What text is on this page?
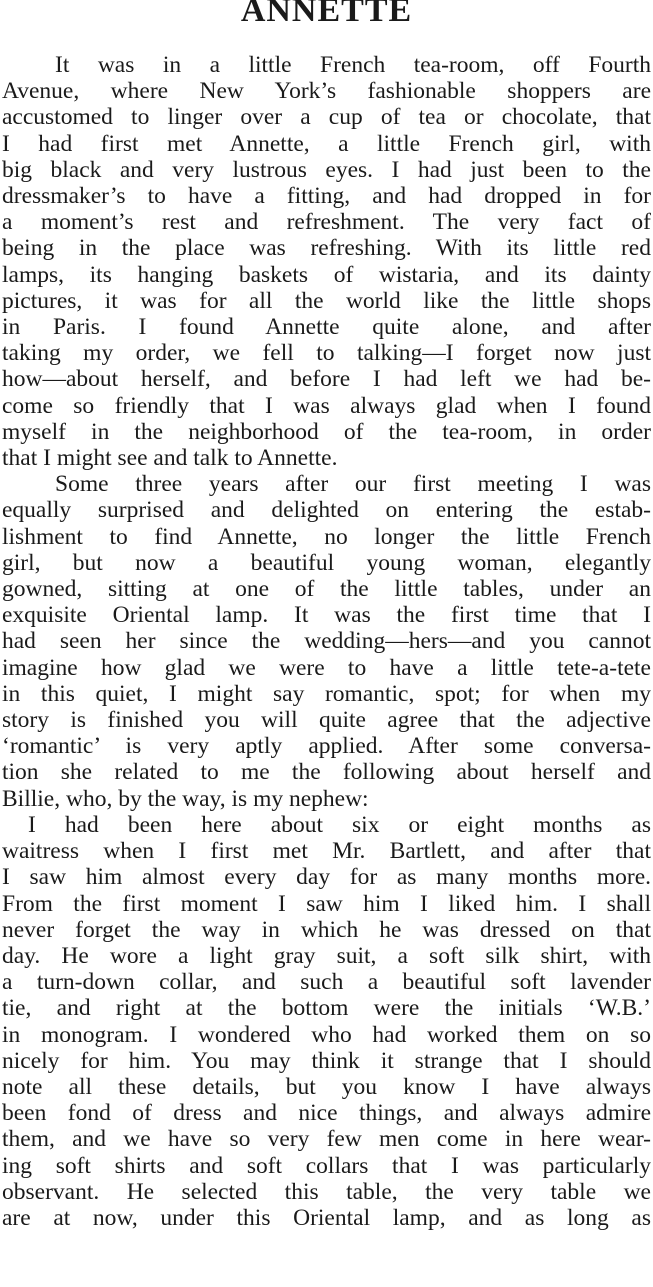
ANNETTE

It was in a little French tea-room, off Fourth
Avenue, where New York’s fashionable shoppers are
accustomed to linger over a cup of tea or chocolate, that
I had first met Annette, a little French girl, with
big black and very lustrous eyes. I had just been to the
dressmaker’s to have a fitting, and had dropped in for
a moment’s rest and refreshment. The very fact of
being in the place was refreshing. With its little red
lamps, its hanging baskets of wistaria, and its dainty
pictures, it was for all the world like the little shops
in Paris. I found Annette quite alone, and after
taking my order, we fell to talking—I forget now just
how—about herself, and before I had left we had be-
come so friendly that I was always glad when I found
myself in the neighborhood of the tea-room, in order
that I might see and talk to Annette.

Some three years after our first meeting I was
equally surprised and delighted on entering the estab-
lishment to find Annette, no longer the little French
girl, but now a beautiful young woman, elegantly
gowned, sitting at one of the little tables, under an
exquisite Oriental lamp. It was the first time that I
had seen her since the wedding—hers—and you cannot
imagine how glad we were to have a little tete-a-tete
in this quiet, I might say romantic, spot; for when my
story is finished you will quite agree that the adjective
‘romantic’ is very aptly applied. After some conversa-
tion she related to me the following about herself and
Billie, who, by the way, is my nephew:

I had been here about six or eight months as
waitress when I first met Mr. Bartlett, and after that
I saw him almost every day for as many months more.
From the first moment I saw him I liked him. I shall
never forget the way in which he was dressed on that
day. He wore a light gray suit, a soft silk shirt, with
a turn-down collar, and such a beautiful soft lavender
tie, and right at the bottom were the initials ‘W.B.’
in monogram. I wondered who had worked them on so
nicely for him. You may think it strange that I should
note all these details, but you know I have always
been fond of dress and nice things, and always admire
them, and we have so very few men come in here wear-
ing soft shirts and soft collars that I was particularly
observant. He selected this table, the very table we
are at now, under this Oriental lamp, and as long as
